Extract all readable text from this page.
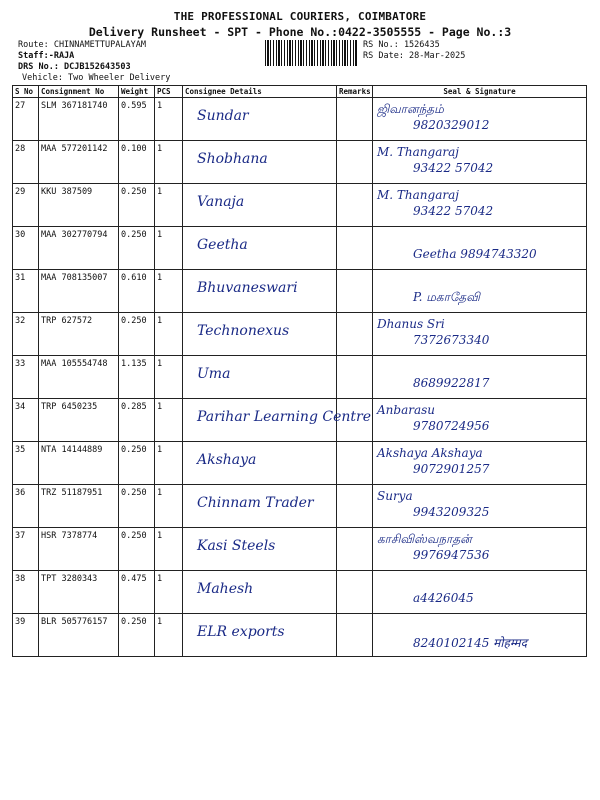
THE PROFESSIONAL COURIERS, COIMBATORE
Delivery Runsheet - SPT - Phone No.:0422-3505555 - Page No.:3
Route: CHINNAMETTUPALAYAM
Staff:-RAJA
DRS No.: DCJB152643503
Vehicle: Two Wheeler Delivery
RS No.: 1526435
RS Date: 28-Mar-2025
S No	Consignment No	Weight	PCS	Consignee Details	Remarks	Seal & Signature
27	SLM 367181740	0.595	1	Sundar		ஜிவானந்தம்
9820329012

28	MAA 577201142	0.100	1	Shobhana		M. Thangaraj
93422 57042

29	KKU 387509	0.250	1	Vanaja		M. Thangaraj
93422 57042

30	MAA 302770794	0.250	1	Geetha		Geetha 9894743320

31	MAA 708135007	0.610	1	Bhuvaneswari		P. மகாதேவி

32	TRP 627572	0.250	1	Technonexus		Dhanus Sri
7372673340

33	MAA 105554748	1.135	1	Uma		8689922817

34	TRP 6450235	0.285	1	Parihar Learning Centre		Anbarasu
9780724956

35	NTA 14144889	0.250	1	Akshaya		Akshaya Akshaya
9072901257

36	TRZ 51187951	0.250	1	Chinnam Trader		Surya
9943209325

37	HSR 7378774	0.250	1	Kasi Steels		காசிவிஸ்வநாதன்
9976947536

38	TPT 3280343	0.475	1	Mahesh		a4426045

39	BLR 505776157	0.250	1	ELR exports		8240102145 मोहम्मद
